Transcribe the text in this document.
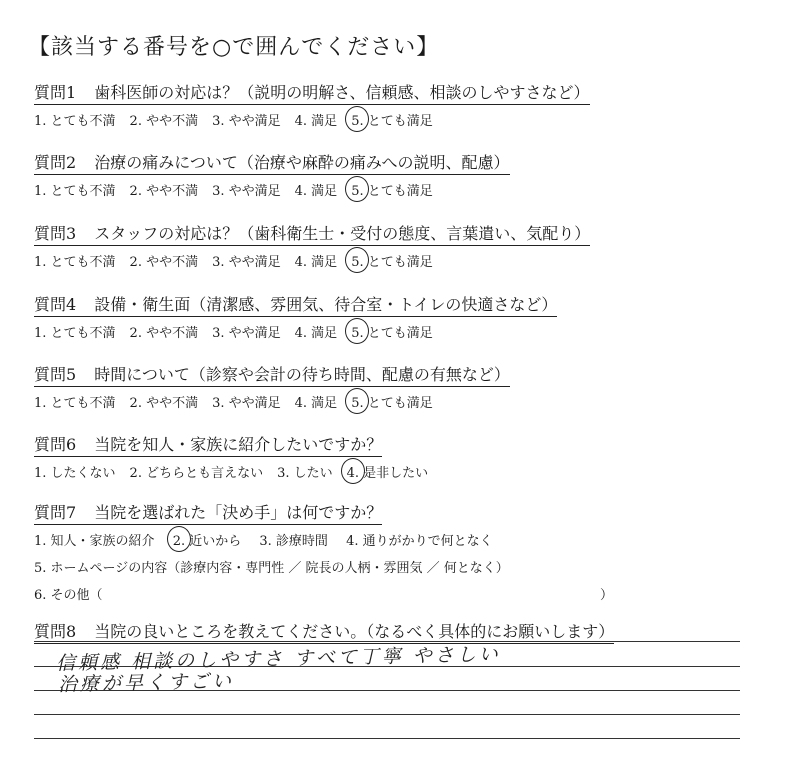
【該当する番号を○で囲んでください】
質問1 歯科医師の対応は？（説明の明解さ、信頼感、相談のしやすさなど）
1. とても不満 2. やや不満 3. やや満足 4. 満足 5. とても満足
質問2 治療の痛みについて（治療や麻酔の痛みへの説明、配慮）
1. とても不満 2. やや不満 3. やや満足 4. 満足 5. とても満足
質問3 スタッフの対応は？（歯科衛生士・受付の態度、言葉遣い、気配り）
1. とても不満 2. やや不満 3. やや満足 4. 満足 5. とても満足
質問4 設備・衛生面（清潔感、雰囲気、待合室・トイレの快適さなど）
1. とても不満 2. やや不満 3. やや満足 4. 満足 5. とても満足
質問5 時間について（診察や会計の待ち時間、配慮の有無など）
1. とても不満 2. やや不満 3. やや満足 4. 満足 5. とても満足
質問6 当院を知人・家族に紹介したいですか？
1. したくない 2. どちらとも言えない 3. したい 4. 是非したい
質問7 当院を選ばれた「決め手」は何ですか？
1. 知人・家族の紹介 2. 近いから 3. 診療時間 4. 通りがかりで何となく
5. ホームページの内容（診療内容・専門性 ／ 院長の人柄・雰囲気 ／ 何となく）
6. その他（	）
質問8 当院の良いところを教えてください。（なるべく具体的にお願いします）
信頼感 相談のしやすさ すべて丁寧 やさしい
治療が早くすごい
